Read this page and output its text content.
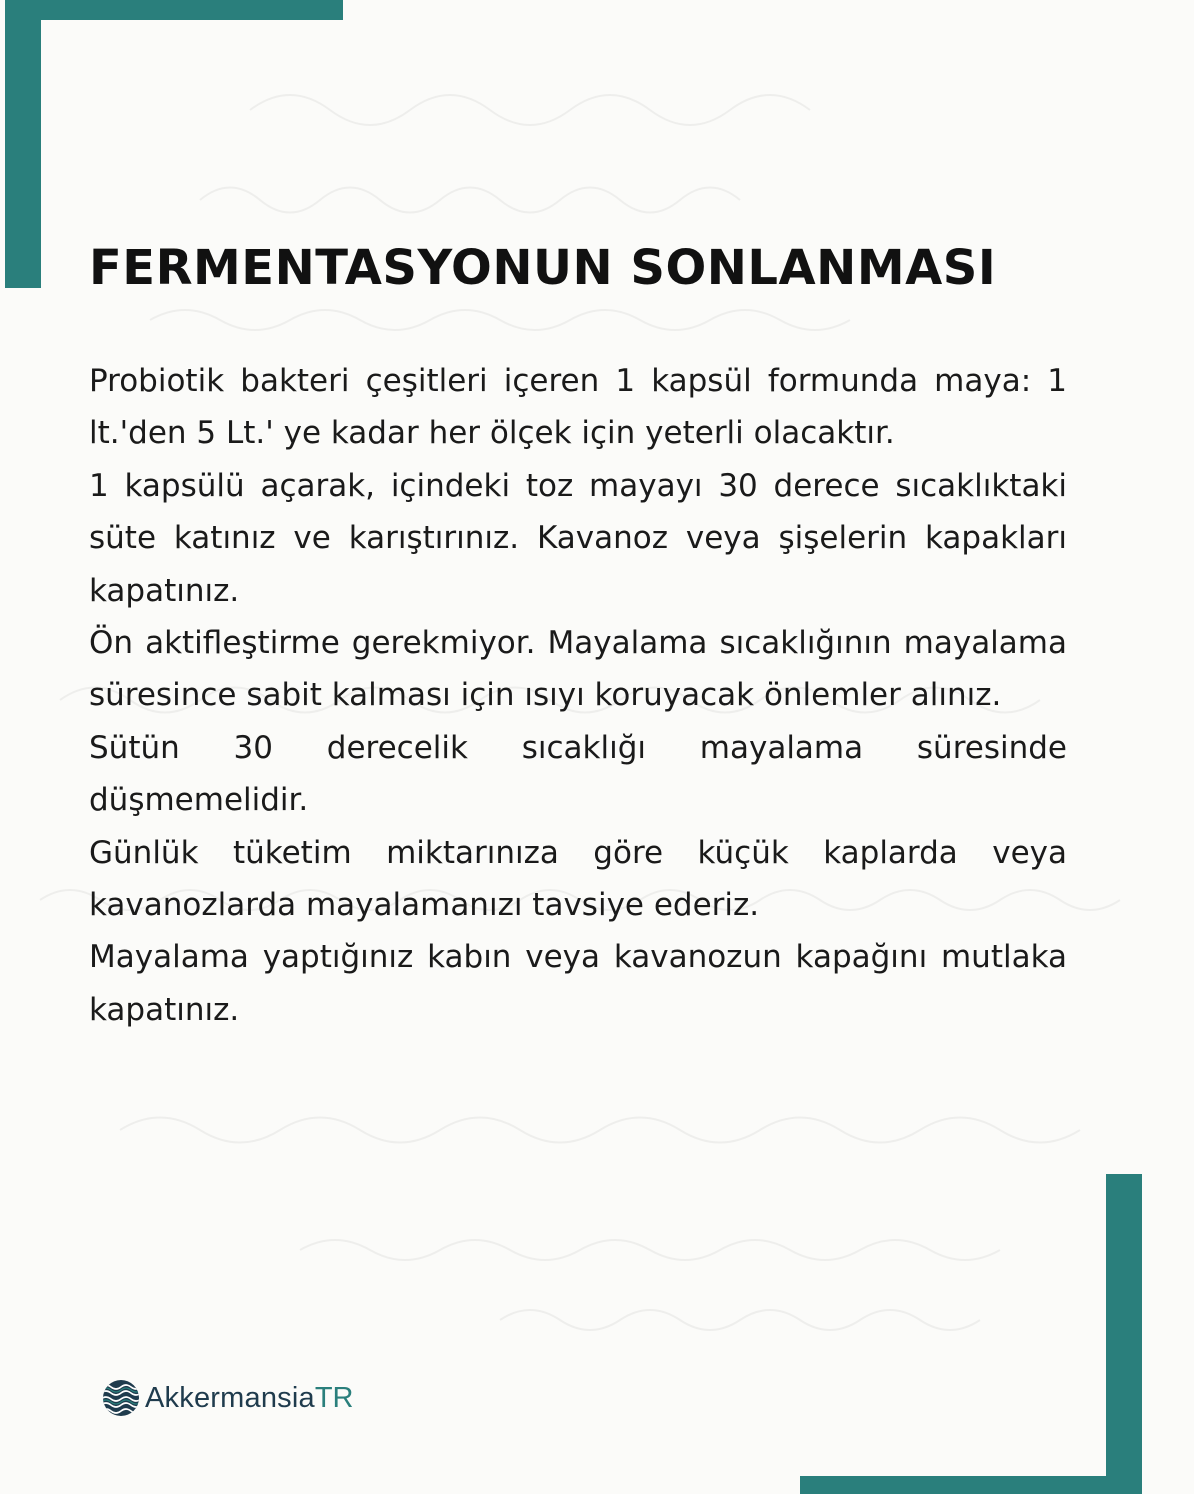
FERMENTASYONUN SONLANMASI

Probiotik bakteri çeşitleri içeren 1 kapsül formunda maya: 1 lt.'den 5 Lt.' ye kadar her ölçek için yeterli olacaktır.

1 kapsülü açarak, içindeki toz mayayı 30 derece sıcaklıktaki süte katınız ve karıştırınız. Kavanoz veya şişelerin kapakları kapatınız.

Ön aktifleştirme gerekmiyor. Mayalama sıcaklığının mayalama süresince sabit kalması için ısıyı koruyacak önlemler alınız.

Sütün 30 derecelik sıcaklığı mayalama süresinde düşmemelidir.

Günlük tüketim miktarınıza göre küçük kaplarda veya kavanozlarda mayalamanızı tavsiye ederiz.

Mayalama yaptığınız kabın veya kavanozun kapağını mutlaka kapatınız.

Akkermansia TR
